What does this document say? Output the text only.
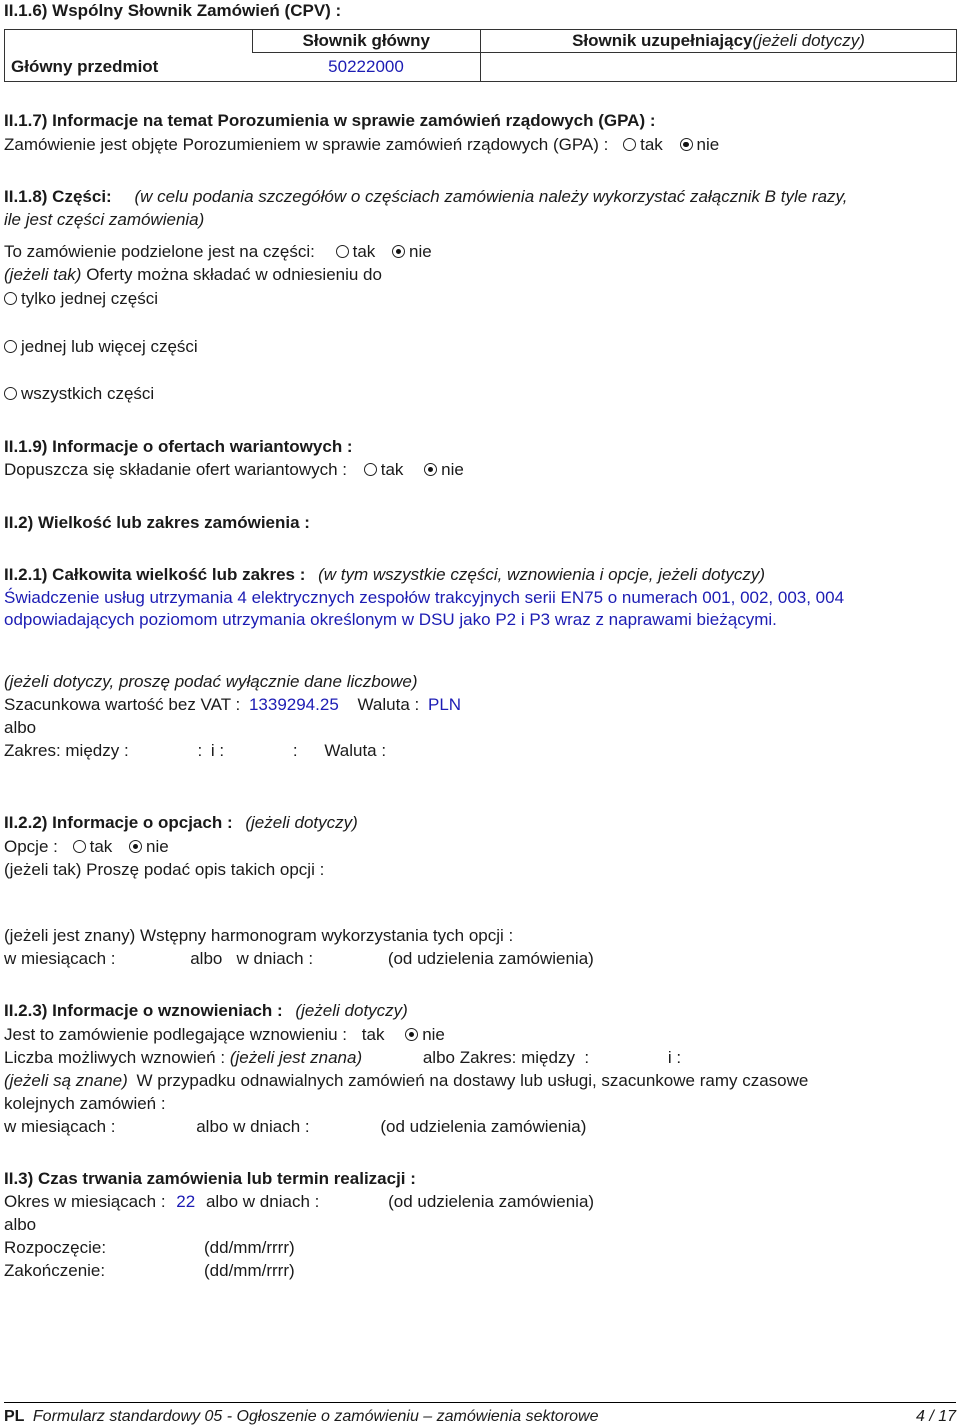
II.1.6) Wspólny Słownik Zamówień (CPV) :
	Słownik główny	Słownik uzupełniający(jeżeli dotyczy)
Główny przedmiot	50222000	
II.1.7) Informacje na temat Porozumienia w sprawie zamówień rządowych (GPA) :
Zamówienie jest objęte Porozumieniem w sprawie zamówień rządowych (GPA) : tak nie
II.1.8) Części: (w celu podania szczegółów o częściach zamówienia należy wykorzystać załącznik B tyle razy,
ile jest części zamówienia)
To zamówienie podzielone jest na części: tak nie
(jeżeli tak) Oferty można składać w odniesieniu do
tylko jednej części
jednej lub więcej części
wszystkich części
II.1.9) Informacje o ofertach wariantowych :
Dopuszcza się składanie ofert wariantowych : tak nie
II.2) Wielkość lub zakres zamówienia :
II.2.1) Całkowita wielkość lub zakres : (w tym wszystkie części, wznowienia i opcje, jeżeli dotyczy)
Świadczenie usług utrzymania 4 elektrycznych zespołów trakcyjnych serii EN75 o numerach 001, 002, 003, 004
odpowiadających poziomom utrzymania określonym w DSU jako P2 i P3 wraz z naprawami bieżącymi.
(jeżeli dotyczy, proszę podać wyłącznie dane liczbowe)
Szacunkowa wartość bez VAT : 1339294.25 Waluta : PLN
albo
Zakres: między :	: i :	: Waluta :
II.2.2) Informacje o opcjach : (jeżeli dotyczy)
Opcje : tak nie
(jeżeli tak) Proszę podać opis takich opcji :
(jeżeli jest znany) Wstępny harmonogram wykorzystania tych opcji :
w miesiącach :	albo   w dniach :	(od udzielenia zamówienia)
II.2.3) Informacje o wznowieniach : (jeżeli dotyczy)
Jest to zamówienie podlegające wznowieniu : tak nie
Liczba możliwych wznowień : (jeżeli jest znana)	albo Zakres: między  :	i :
(jeżeli są znane) W przypadku odnawialnych zamówień na dostawy lub usługi, szacunkowe ramy czasowe
kolejnych zamówień :
w miesiącach :	albo w dniach :	(od udzielenia zamówienia)
II.3) Czas trwania zamówienia lub termin realizacji :
Okres w miesiącach : 22 albo w dniach :	(od udzielenia zamówienia)
albo
Rozpoczęcie:	(dd/mm/rrrr)
Zakończenie:	(dd/mm/rrrr)
PL Formularz standardowy 05 - Ogłoszenie o zamówieniu – zamówienia sektorowe	4 / 17
